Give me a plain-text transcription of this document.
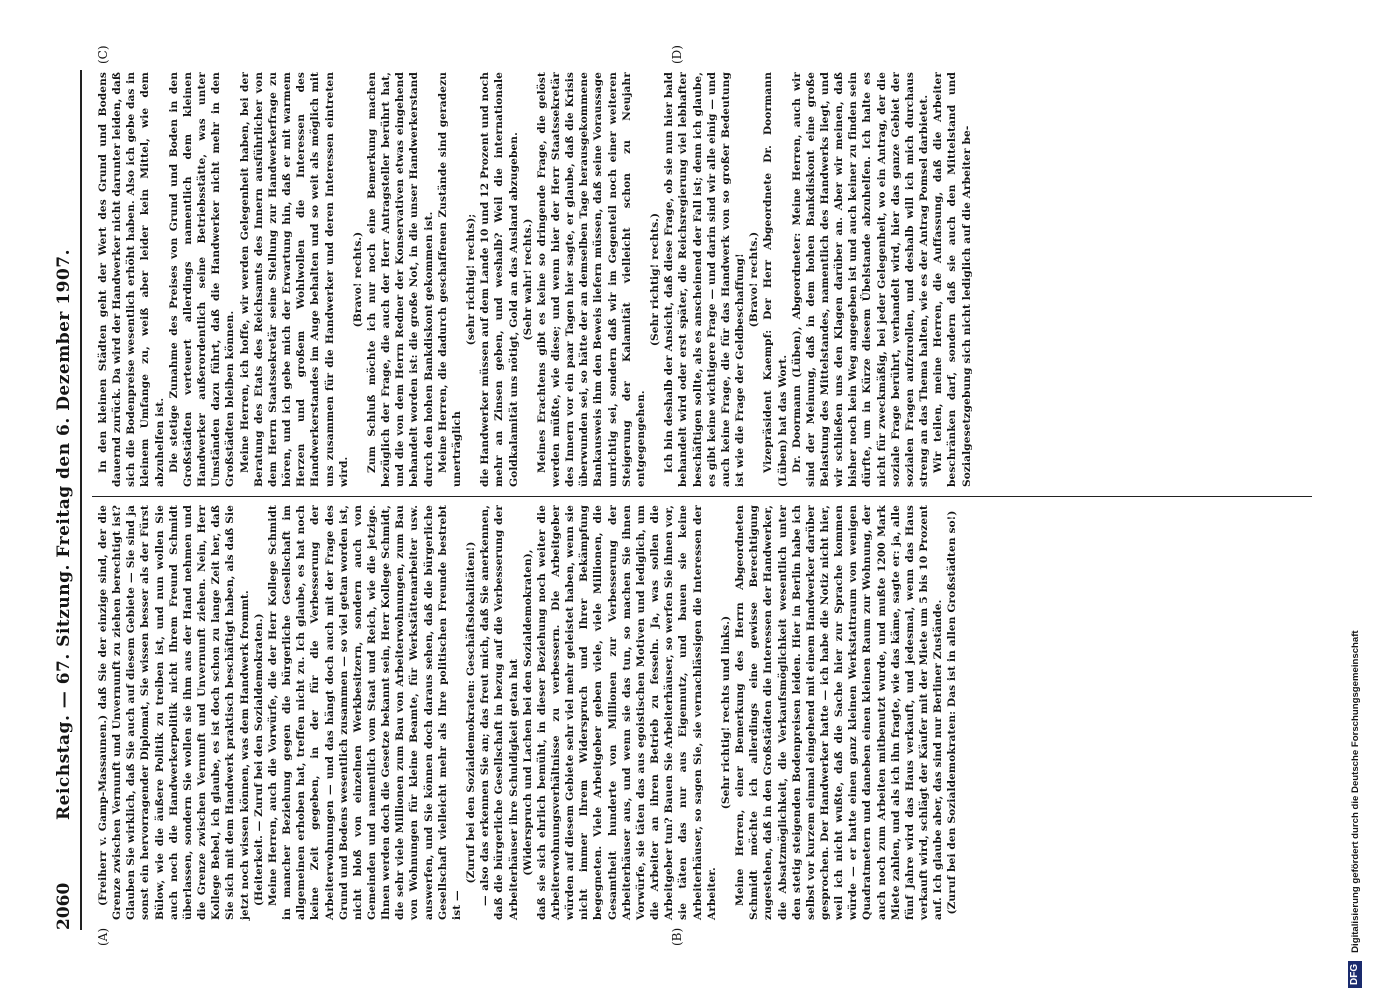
2060
Reichstag. — 67. Sitzung. Freitag den 6. Dezember 1907.
(A)	(B)
(C)	(D)

(Freiherr v. Gamp-Massaunen.) daß Sie der einzige sind, der die Grenze zwischen Vernunft und Unvernunft zu ziehen berechtigt ist? Glauben Sie wirklich, daß Sie auch auf diesem Gebiete — Sie sind ja sonst ein hervorragender Diplomat, Sie wissen besser als der Fürst Bülow, wie die äußere Politik zu treiben ist, und nun wollen Sie auch noch die Handwerkerpolitik nicht Ihrem Freund Schmidt überlassen, sondern Sie wollen sie ihm aus der Hand nehmen und die Grenze zwischen Vernunft und Unvernunft ziehen. Nein, Herr Kollege Bebel, ich glaube, es ist doch schon zu lange Zeit her, daß Sie sich mit dem Handwerk praktisch beschäftigt haben, als daß Sie jetzt noch wissen können, was dem Handwerk frommt. (Heiterkeit. — Zuruf bei den Sozialdemokraten.) Meine Herren, auch die Vorwürfe, die der Herr Kollege Schmidt in mancher Beziehung gegen die bürgerliche Gesellschaft im allgemeinen erhoben hat, treffen nicht zu. Ich glaube, es hat noch keine Zeit gegeben, in der für die Verbesserung der Arbeiterwohnungen — und das hängt doch auch mit der Frage des Grund und Bodens wesentlich zusammen — so viel getan worden ist, nicht bloß von einzelnen Werkbesitzern, sondern auch von Gemeinden und namentlich vom Staat und Reich, wie die jetzige. Ihnen werden doch die Gesetze bekannt sein, Herr Kollege Schmidt, die sehr viele Millionen zum Bau von Arbeiterwohnungen, zum Bau von Wohnungen für kleine Beamte, für Werkstättenarbeiter usw. auswerfen, und Sie können doch daraus sehen, daß die bürgerliche Gesellschaft vielleicht mehr als Ihre politischen Freunde bestrebt ist —

(Zuruf bei den Sozialdemokraten: Geschäftslokalitäten!) — also das erkennen Sie an; das freut mich, daß Sie anerkennen, daß die bürgerliche Gesellschaft in bezug auf die Verbesserung der Arbeiterhäuser ihre Schuldigkeit getan hat (Widerspruch und Lachen bei den Sozialdemokraten), daß sie sich ehrlich bemüht, in dieser Beziehung noch weiter die Arbeiterwohnungsverhältnisse zu verbessern. Die Arbeitgeber würden auf diesem Gebiete sehr viel mehr geleistet haben, wenn sie nicht immer Ihrem Widerspruch und Ihrer Bekämpfung begegneten. Viele Arbeitgeber geben viele, viele Millionen, die Gesamtheit hunderte von Millionen zur Verbesserung der Arbeiterhäuser aus, und wenn sie das tun, so machen Sie ihnen Vorwürfe, sie täten das aus egoistischen Motiven und lediglich, um die Arbeiter an ihren Betrieb zu fesseln. Ja, was sollen die Arbeitgeber tun? Bauen Sie Arbeiterhäuser, so werfen Sie ihnen vor, sie täten das nur aus Eigennutz, und bauen sie keine Arbeiterhäuser, so sagen Sie, sie vernachlässigen die Interessen der Arbeiter.

(Sehr richtig! rechts und links.) Meine Herren, einer Bemerkung des Herrn Abgeordneten Schmidt möchte ich allerdings eine gewisse Berechtigung zugestehen, daß in den Großstädten die Interessen der Handwerker, die Absatzmöglichkeit, die Verkaufsmöglichkeit wesentlich unter den stetig steigenden Bodenpreisen leiden. Hier in Berlin habe ich selbst vor kurzem einmal eingehend mit einem Handwerker darüber gesprochen. Der Handwerker hatte — ich habe die Notiz nicht hier, weil ich nicht wußte, daß die Sache hier zur Sprache kommen würde — er hatte einen ganz kleinen Werkstattraum von wenigen Quadratmetern und daneben einen kleinen Raum zur Wohnung, der auch noch zum Arbeiten mitbenutzt wurde, und mußte 1200 Mark Miete zahlen, und als ich ihn fragte, wie das käme, sagte er: ja, alle fünf Jahre wird das Haus verkauft, und jedesmal, wenn das Haus verkauft wird, schlägt der Käufer mit der Miete um 5 bis 10 Prozent auf. Ich glaube aber, das sind nur Berliner Zustände. (Zuruf bei den Sozialdemokraten: Das ist in allen Großstädten so!)

In den kleinen Städten geht der Wert des Grund und Bodens dauernd zurück. Da wird der Handwerker nicht darunter leiden, daß sich die Bodenpreise wesentlich erhöht haben. Also ich gebe das in kleinem Umfange zu, weiß aber leider kein Mittel, wie dem abzuhelfen ist. Die stetige Zunahme des Preises von Grund und Boden in den Großstädten verteuert allerdings namentlich dem kleinen Handwerker außerordentlich seine Betriebsstätte, was unter Umständen dazu führt, daß die Handwerker nicht mehr in den Großstädten bleiben können. Meine Herren, ich hoffe, wir werden Gelegenheit haben, bei der Beratung des Etats des Reichsamts des Innern ausführlicher von dem Herrn Staatssekretär seine Stellung zur Handwerkerfrage zu hören, und ich gebe mich der Erwartung hin, daß er mit warmem Herzen und großem Wohlwollen die Interessen des Handwerkerstandes im Auge behalten und so weit als möglich mit uns zusammen für die Handwerker und deren Interessen eintreten wird.

(Bravo! rechts.) Zum Schluß möchte ich nur noch eine Bemerkung machen bezüglich der Frage, die auch der Herr Antragsteller berührt hat, und die von dem Herrn Redner der Konservativen etwas eingehend behandelt worden ist: die große Not, in die unser Handwerkerstand durch den hohen Bankdiskont gekommen ist. Meine Herren, die dadurch geschaffenen Zustände sind geradezu unerträglich

(sehr richtig! rechts); die Handwerker müssen auf dem Lande 10 und 12 Prozent und noch mehr an Zinsen geben, und weshalb? Weil die internationale Goldkalamität uns nötigt, Gold an das Ausland abzugeben. (Sehr wahr! rechts.) Meines Erachtens gibt es keine so dringende Frage, die gelöst werden müßte, wie diese; und wenn hier der Herr Staatssekretär des Innern vor ein paar Tagen hier sagte, er glaube, daß die Krisis überwunden sei, so hätte der an demselben Tage herausgekommene Bankausweis ihm den Beweis liefern müssen, daß seine Voraussage unrichtig sei, sondern daß wir im Gegenteil noch einer weiteren Steigerung der Kalamität vielleicht schon zu Neujahr entgegengehen.

(Sehr richtig! rechts.) Ich bin deshalb der Ansicht, daß diese Frage, ob sie nun hier bald behandelt wird oder erst später, die Reichsregierung viel lebhafter beschäftigen sollte, als es anscheinend der Fall ist; denn ich glaube, es gibt keine wichtigere Frage — und darin sind wir alle einig — und auch keine Frage, die für das Handwerk von so großer Bedeutung ist wie die Frage der Geldbeschaffung! (Bravo! rechts.) Vizepräsident Kaempf: Der Herr Abgeordnete Dr. Doormann (Lüben) hat das Wort. Dr. Doormann (Lüben), Abgeordneter: Meine Herren, auch wir sind der Meinung, daß in dem hohen Bankdiskont eine große Belastung des Mittelstandes, namentlich des Handwerks liegt, und wir schließen uns den Klagen darüber an. Aber wir meinen, daß bisher noch kein Weg angegeben ist und auch keiner zu finden sein dürfte, um in Kürze diesem Übelstande abzuhelfen. Ich halte es nicht für zweckmäßig, bei jeder Gelegenheit, wo ein Antrag, der die soziale Frage berührt, verhandelt wird, hier das ganze Gebiet der sozialen Fragen aufzurollen, und deshalb will ich mich durchaus streng an das Thema halten, wie es der Antrag Pomsel darbietet. Wir teilen, meine Herren, die Auffassung, daß die Arbeiter beschränken darf, sondern daß sie auch den Mittelstand und Sozialgesetzgebung sich nicht lediglich auf die Arbeiter be-

DFGDigitalisierung gefördert durch die Deutsche Forschungsgemeinschaft
